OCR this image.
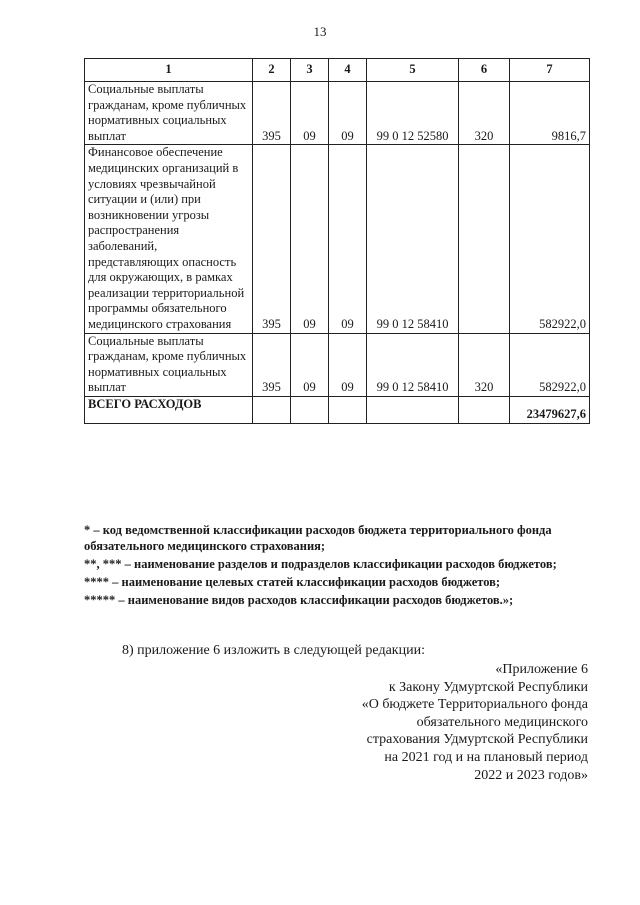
13
1	2	3	4	5	6	7
Социальные выплаты гражданам, кроме публичных нормативных социальных выплат	395	09	09	99 0 12 52580	320	9816,7
Финансовое обеспечение медицинских организаций в условиях чрезвычайной ситуации и (или) при возникновении угрозы распространения заболеваний, представляющих опасность для окружающих, в рамках реализации территориальной программы обязательного медицинского страхования	395	09	09	99 0 12 58410		582922,0
Социальные выплаты гражданам, кроме публичных нормативных социальных выплат	395	09	09	99 0 12 58410	320	582922,0
ВСЕГО РАСХОДОВ						23479627,6
* – код ведомственной классификации расходов бюджета территориального фонда обязательного медицинского страхования;
**, *** – наименование разделов и подразделов классификации расходов бюджетов;
**** – наименование целевых статей классификации расходов бюджетов;
***** – наименование видов расходов классификации расходов бюджетов.»;
8) приложение 6 изложить в следующей редакции:
«Приложение 6
к Закону Удмуртской Республики
«О бюджете Территориального фонда
обязательного медицинского
страхования Удмуртской Республики
на 2021 год и на плановый период
2022 и 2023 годов»
